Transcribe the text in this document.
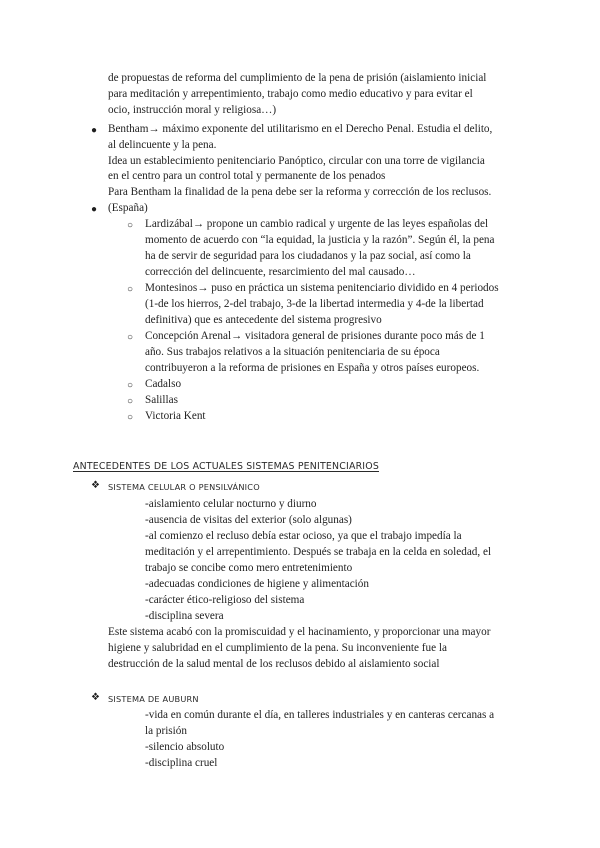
de propuestas de reforma del cumplimiento de la pena de prisión (aislamiento inicial
para meditación y arrepentimiento, trabajo como medio educativo y para evitar el
ocio, instrucción moral y religiosa…)
● Bentham→ máximo exponente del utilitarismo en el Derecho Penal. Estudia el delito,
al delincuente y la pena.
Idea un establecimiento penitenciario Panóptico, circular con una torre de vigilancia
en el centro para un control total y permanente de los penados
Para Bentham la finalidad de la pena debe ser la reforma y corrección de los reclusos.
● (España)
○ Lardizábal→ propone un cambio radical y urgente de las leyes españolas del
momento de acuerdo con “la equidad, la justicia y la razón”. Según él, la pena
ha de servir de seguridad para los ciudadanos y la paz social, así como la
corrección del delincuente, resarcimiento del mal causado…
○ Montesinos→ puso en práctica un sistema penitenciario dividido en 4 periodos
(1-de los hierros, 2-del trabajo, 3-de la libertad intermedia y 4-de la libertad
definitiva) que es antecedente del sistema progresivo
○ Concepción Arenal→ visitadora general de prisiones durante poco más de 1
año. Sus trabajos relativos a la situación penitenciaria de su época
contribuyeron a la reforma de prisiones en España y otros países europeos.
○ Cadalso
○ Salillas
○ Victoria Kent
ANTECEDENTES DE LOS ACTUALES SISTEMAS PENITENCIARIOS
❖ SISTEMA CELULAR O PENSILVÁNICO
-aislamiento celular nocturno y diurno
-ausencia de visitas del exterior (solo algunas)
-al comienzo el recluso debía estar ocioso, ya que el trabajo impedía la
meditación y el arrepentimiento. Después se trabaja en la celda en soledad, el
trabajo se concibe como mero entretenimiento
-adecuadas condiciones de higiene y alimentación
-carácter ético-religioso del sistema
-disciplina severa
Este sistema acabó con la promiscuidad y el hacinamiento, y proporcionar una mayor
higiene y salubridad en el cumplimiento de la pena. Su inconveniente fue la
destrucción de la salud mental de los reclusos debido al aislamiento social
❖ SISTEMA DE AUBURN
-vida en común durante el día, en talleres industriales y en canteras cercanas a
la prisión
-silencio absoluto
-disciplina cruel
